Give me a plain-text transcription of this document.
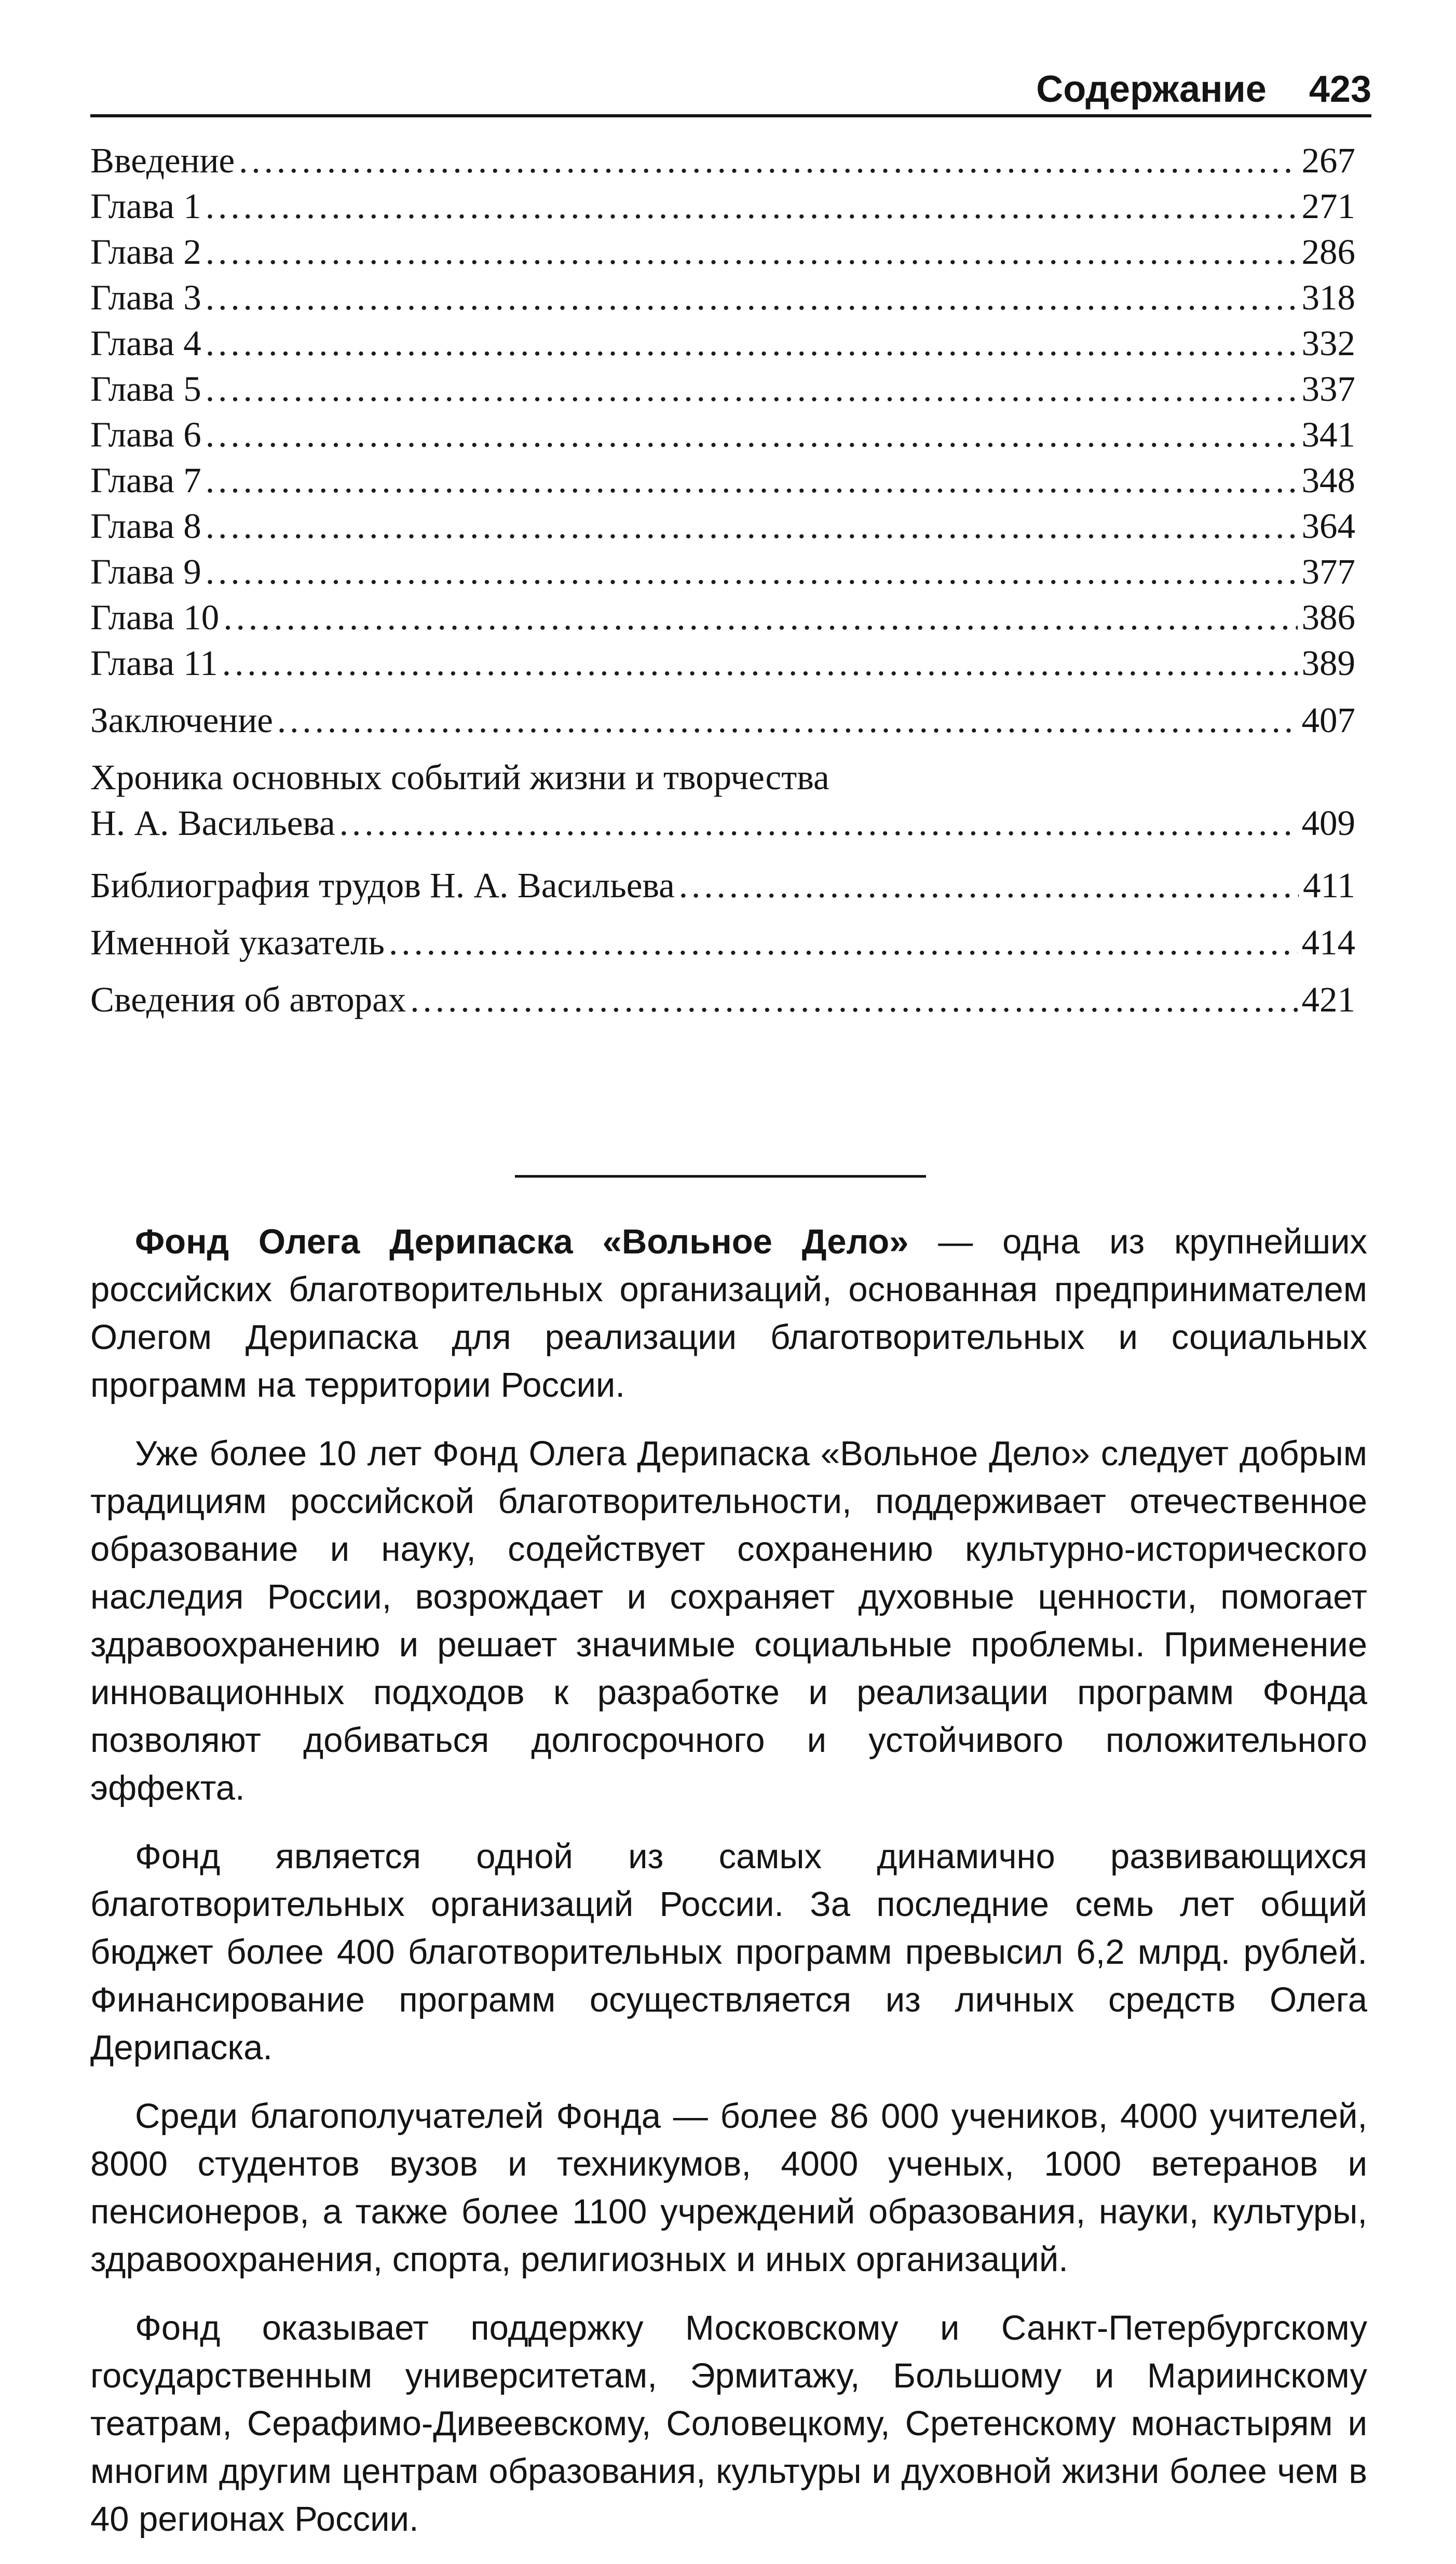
Содержание 423
Введение .....	267
Глава 1 .....	271
Глава 2 .....	286
Глава 3 .....	318
Глава 4 .....	332
Глава 5 .....	337
Глава 6 .....	341
Глава 7 .....	348
Глава 8 .....	364
Глава 9 .....	377
Глава 10 .....	386
Глава 11 .....	389
Заключение .....	407
Хроника основных событий жизни и творчества
Н. А. Васильева .....	409
Библиография трудов Н. А. Васильева .....	411
Именной указатель .....	414
Сведения об авторах .....	421

Фонд Олега Дерипаска «Вольное Дело» — одна из крупнейших российских благотворительных организаций, основанная предпринимателем Олегом Дерипаска для реализации благотворительных и социальных программ на территории России.

Уже более 10 лет Фонд Олега Дерипаска «Вольное Дело» следует добрым традициям российской благотворительности, поддерживает отечественное образование и науку, содействует сохранению культурно-исторического наследия России, возрождает и сохраняет духовные ценности, помогает здравоохранению и решает значимые социальные проблемы. Применение инновационных подходов к разработке и реализации программ Фонда позволяют добиваться долгосрочного и устойчивого положительного эффекта.

Фонд является одной из самых динамично развивающихся благотворительных организаций России. За последние семь лет общий бюджет более 400 благотворительных программ превысил 6,2 млрд. рублей. Финансирование программ осуществляется из личных средств Олега Дерипаска.

Среди благополучателей Фонда — более 86 000 учеников, 4000 учителей, 8000 студентов вузов и техникумов, 4000 ученых, 1000 ветеранов и пенсионеров, а также более 1100 учреждений образования, науки, культуры, здравоохранения, спорта, религиозных и иных организаций.

Фонд оказывает поддержку Московскому и Санкт-Петербургскому государственным университетам, Эрмитажу, Большому и Мариинскому театрам, Серафимо-Дивеевскому, Соловецкому, Сретенскому монастырям и многим другим центрам образования, культуры и духовной жизни более чем в 40 регионах России.
